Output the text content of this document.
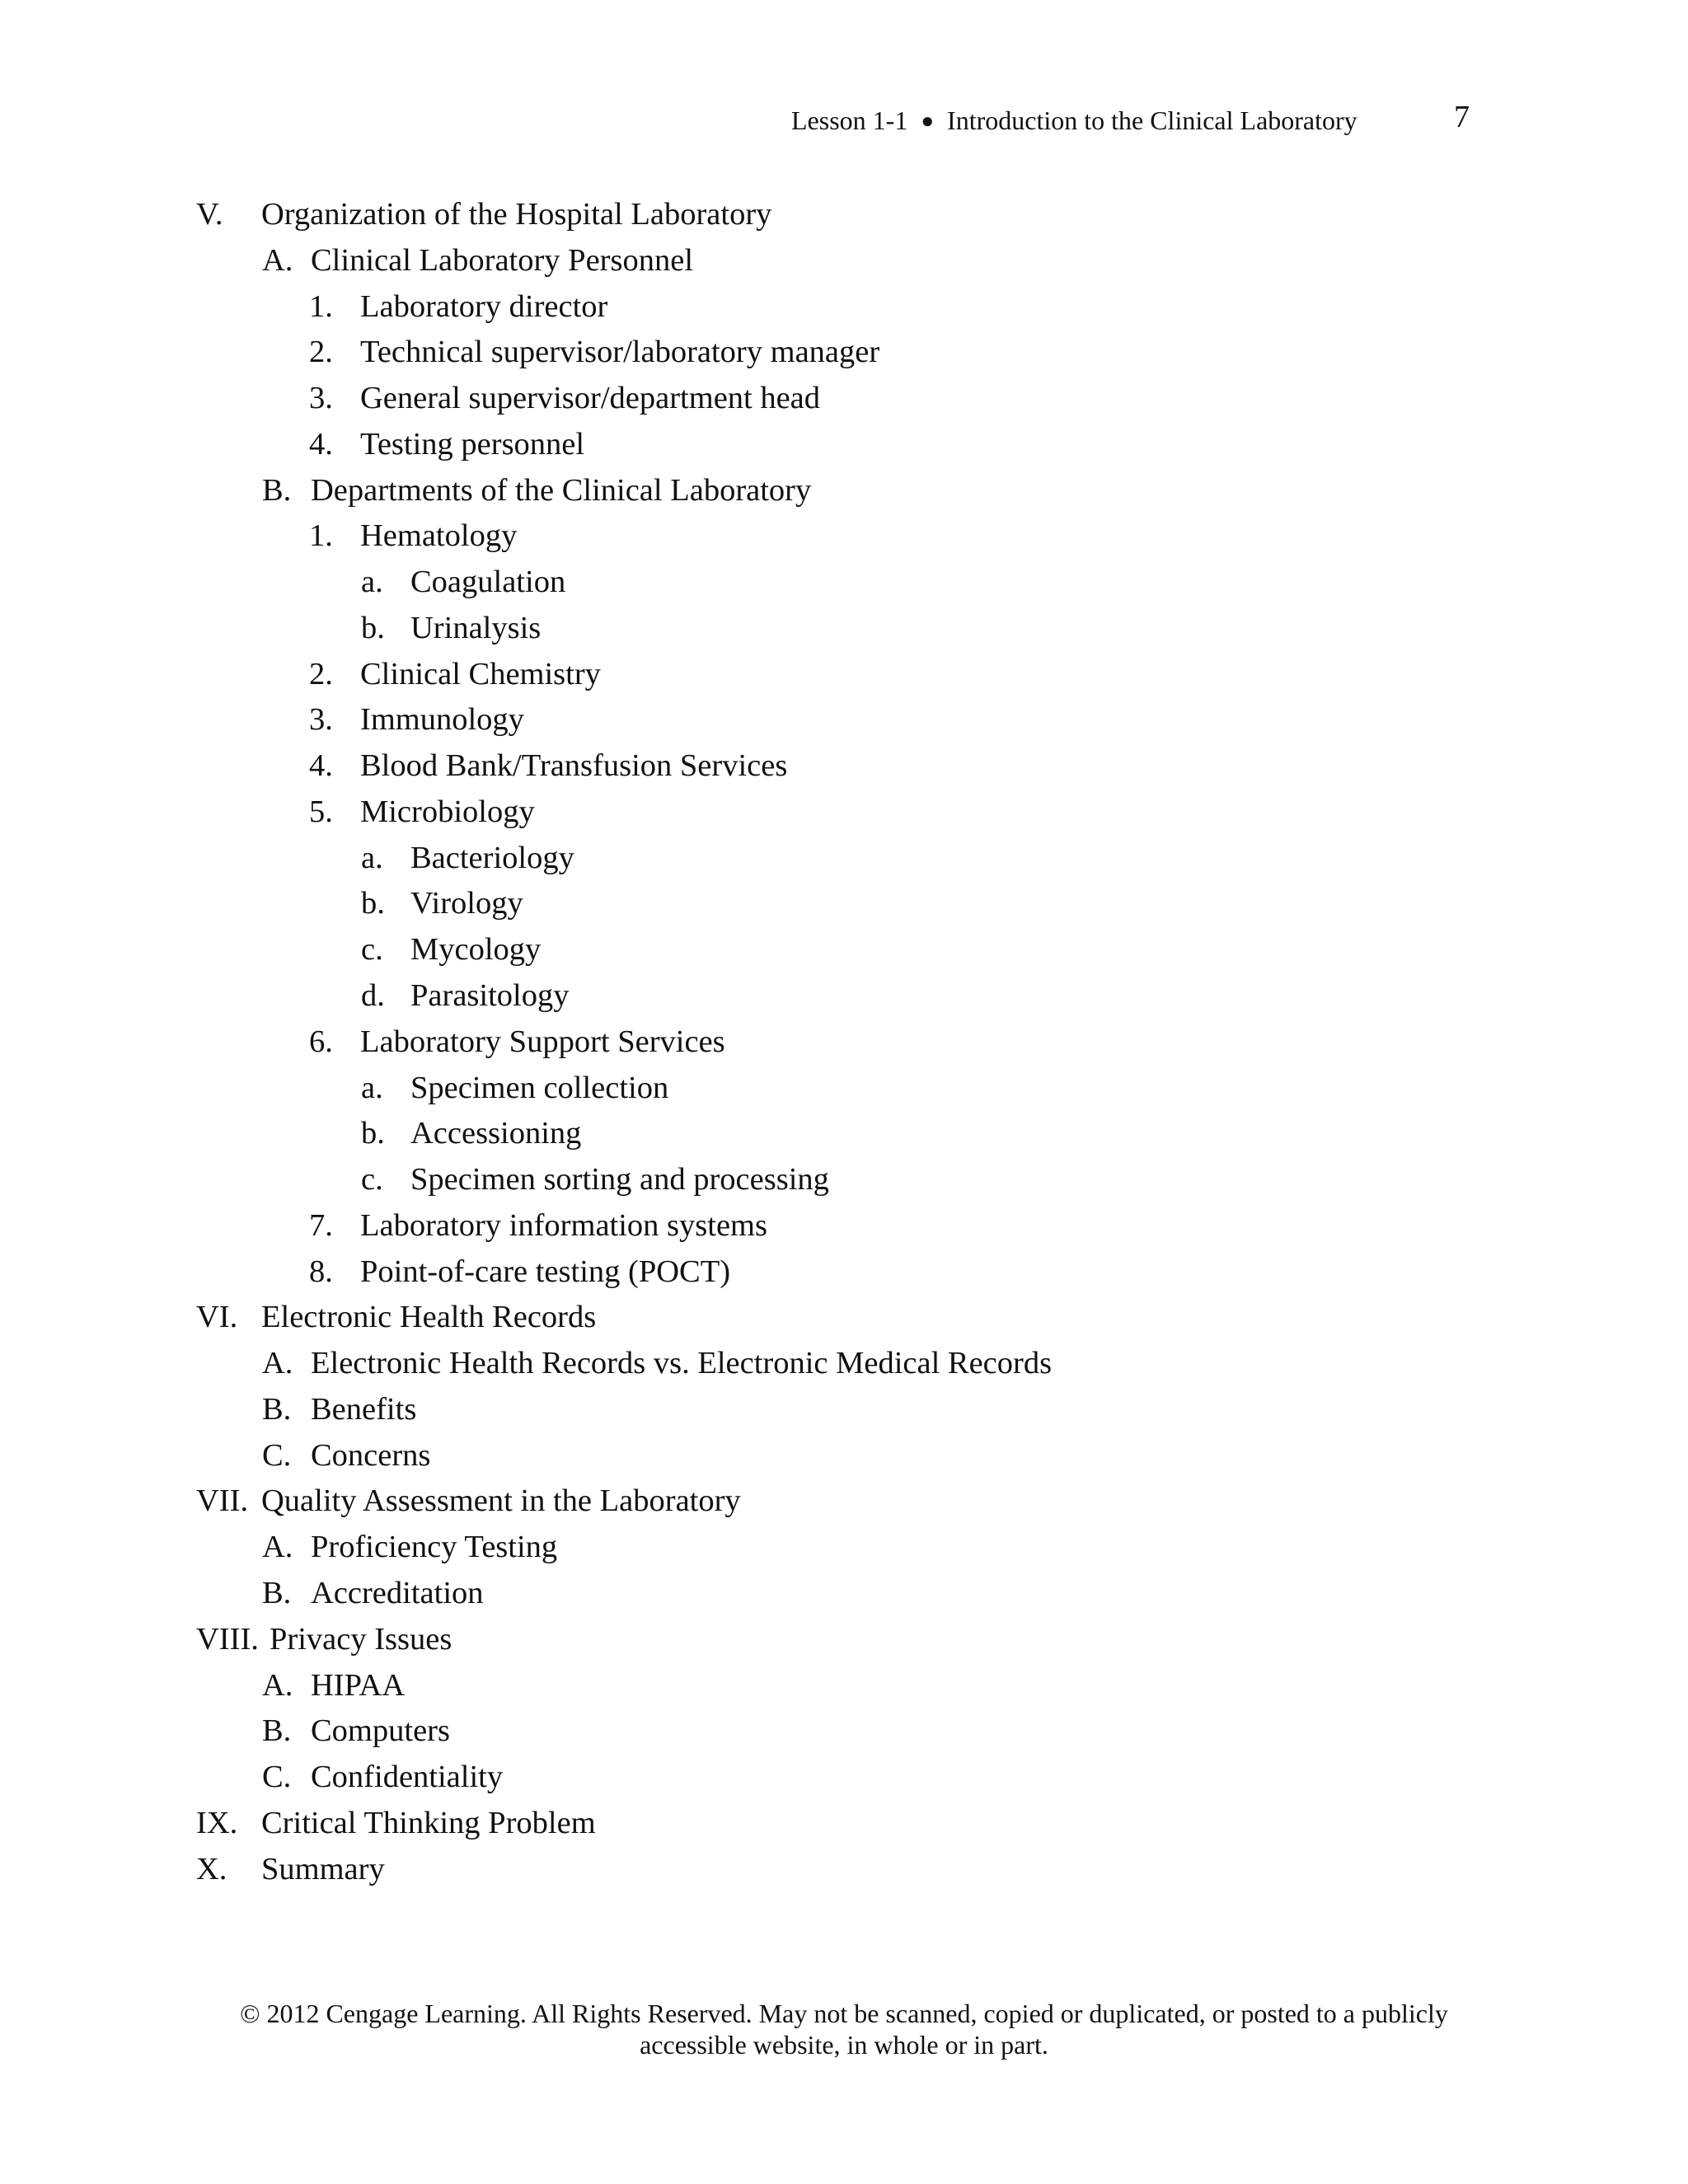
Lesson 1-1 ● Introduction to the Clinical Laboratory	7
V. Organization of the Hospital Laboratory
A. Clinical Laboratory Personnel
1. Laboratory director
2. Technical supervisor/laboratory manager
3. General supervisor/department head
4. Testing personnel
B. Departments of the Clinical Laboratory
1. Hematology
a. Coagulation
b. Urinalysis
2. Clinical Chemistry
3. Immunology
4. Blood Bank/Transfusion Services
5. Microbiology
a. Bacteriology
b. Virology
c. Mycology
d. Parasitology
6. Laboratory Support Services
a. Specimen collection
b. Accessioning
c. Specimen sorting and processing
7. Laboratory information systems
8. Point-of-care testing (POCT)
VI. Electronic Health Records
A. Electronic Health Records vs. Electronic Medical Records
B. Benefits
C. Concerns
VII. Quality Assessment in the Laboratory
A. Proficiency Testing
B. Accreditation
VIII. Privacy Issues
A. HIPAA
B. Computers
C. Confidentiality
IX. Critical Thinking Problem
X. Summary
© 2012 Cengage Learning. All Rights Reserved. May not be scanned, copied or duplicated, or posted to a publicly
accessible website, in whole or in part.
